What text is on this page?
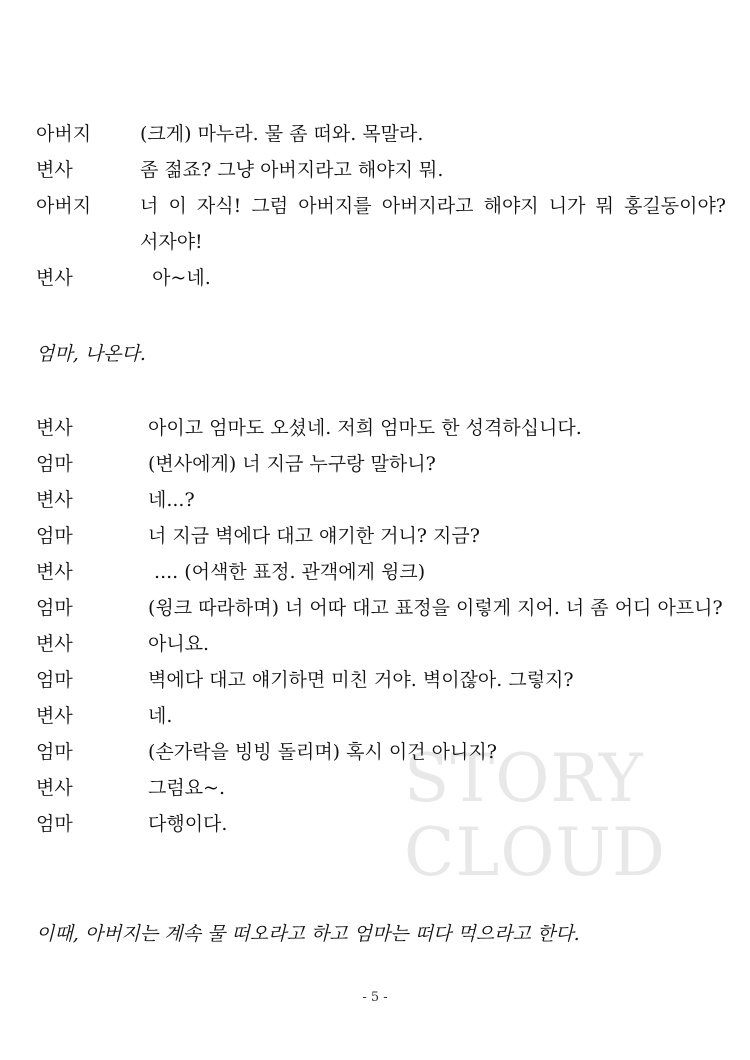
STORY
CLOUD
아버지	(크게) 마누라. 물 좀 떠와. 목말라.
변사	좀 젊죠? 그냥 아버지라고 해야지 뭐.
아버지	너 이 자식! 그럼 아버지를 아버지라고 해야지 니가 뭐 홍길동이야? 서자야!
변사	아~네.
엄마, 나온다.
변사	아이고 엄마도 오셨네. 저희 엄마도 한 성격하십니다.
엄마	(변사에게) 너 지금 누구랑 말하니?
변사	네...?
엄마	너 지금 벽에다 대고 얘기한 거니? 지금?
변사	.... (어색한 표정. 관객에게 윙크)
엄마	(윙크 따라하며) 너 어따 대고 표정을 이렇게 지어. 너 좀 어디 아프니?
변사	아니요.
엄마	벽에다 대고 얘기하면 미친 거야. 벽이잖아. 그렇지?
변사	네.
엄마	(손가락을 빙빙 돌리며) 혹시 이건 아니지?
변사	그럼요~.
엄마	다행이다.
이때, 아버지는 계속 물 떠오라고 하고 엄마는 떠다 먹으라고 한다.
- 5 -
